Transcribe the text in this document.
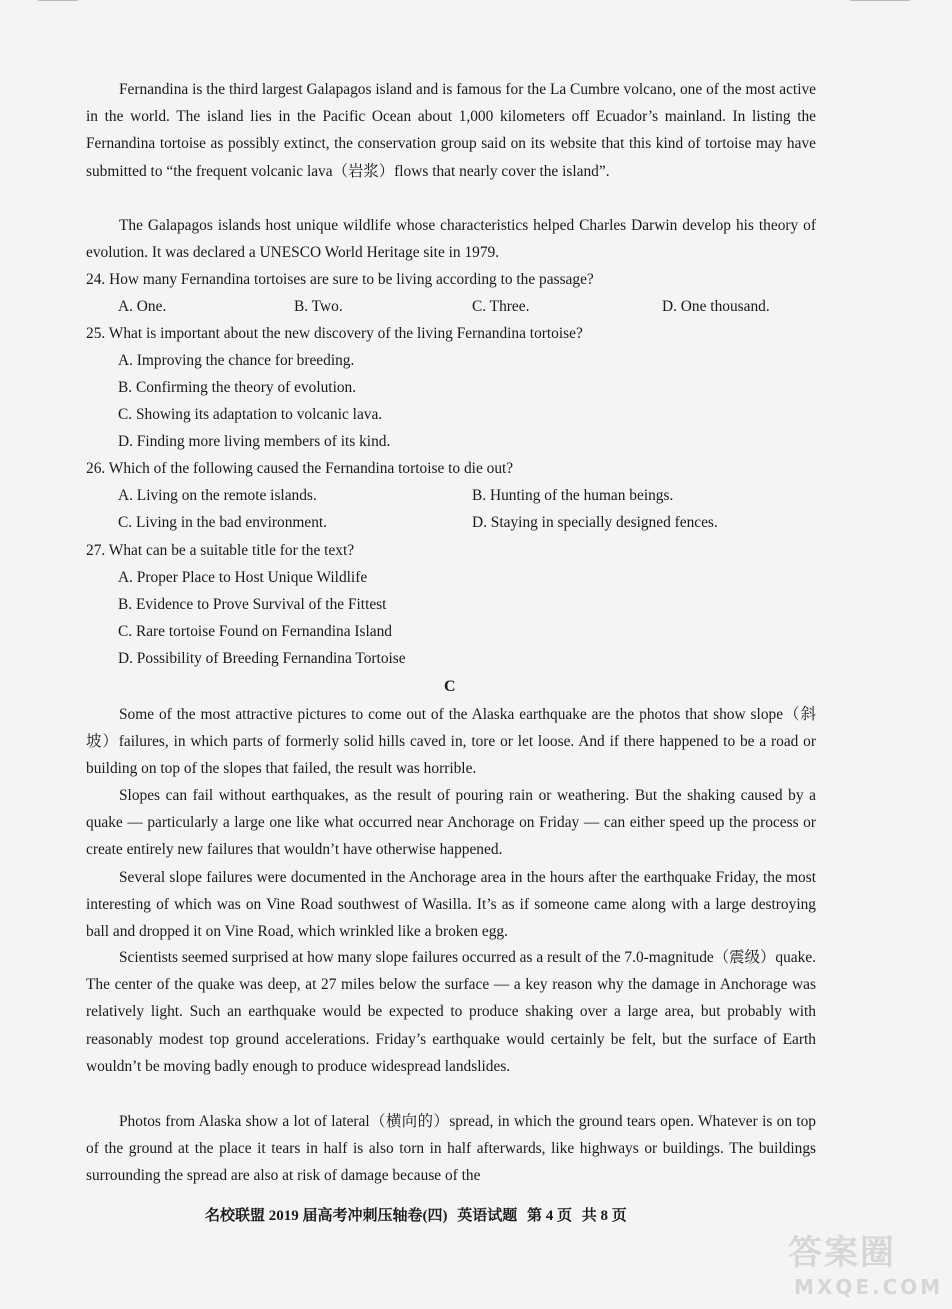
Fernandina is the third largest Galapagos island and is famous for the La Cumbre volcano, one of the most active in the world. The island lies in the Pacific Ocean about 1,000 kilometers off Ecuador’s mainland. In listing the Fernandina tortoise as possibly extinct, the conservation group said on its website that this kind of tortoise may have submitted to “the frequent volcanic lava（岩浆）flows that nearly cover the island”.

The Galapagos islands host unique wildlife whose characteristics helped Charles Darwin develop his theory of evolution. It was declared a UNESCO World Heritage site in 1979.

24. How many Fernandina tortoises are sure to be living according to the passage?
A. One.	B. Two.	C. Three.	D. One thousand.
25. What is important about the new discovery of the living Fernandina tortoise?
A. Improving the chance for breeding.
B. Confirming the theory of evolution.
C. Showing its adaptation to volcanic lava.
D. Finding more living members of its kind.
26. Which of the following caused the Fernandina tortoise to die out?
A. Living on the remote islands.	B. Hunting of the human beings.
C. Living in the bad environment.	D. Staying in specially designed fences.
27. What can be a suitable title for the text?
A. Proper Place to Host Unique Wildlife
B. Evidence to Prove Survival of the Fittest
C. Rare tortoise Found on Fernandina Island
D. Possibility of Breeding Fernandina Tortoise
C

Some of the most attractive pictures to come out of the Alaska earthquake are the photos that show slope（斜坡）failures, in which parts of formerly solid hills caved in, tore or let loose. And if there happened to be a road or building on top of the slopes that failed, the result was horrible.

Slopes can fail without earthquakes, as the result of pouring rain or weathering. But the shaking caused by a quake — particularly a large one like what occurred near Anchorage on Friday — can either speed up the process or create entirely new failures that wouldn’t have otherwise happened.

Several slope failures were documented in the Anchorage area in the hours after the earthquake Friday, the most interesting of which was on Vine Road southwest of Wasilla. It’s as if someone came along with a large destroying ball and dropped it on Vine Road, which wrinkled like a broken egg.

Scientists seemed surprised at how many slope failures occurred as a result of the 7.0-magnitude（震级）quake. The center of the quake was deep, at 27 miles below the surface — a key reason why the damage in Anchorage was relatively light. Such an earthquake would be expected to produce shaking over a large area, but probably with reasonably modest top ground accelerations. Friday’s earthquake would certainly be felt, but the surface of Earth wouldn’t be moving badly enough to produce widespread landslides.

Photos from Alaska show a lot of lateral（横向的）spread, in which the ground tears open. Whatever is on top of the ground at the place it tears in half is also torn in half afterwards, like highways or buildings. The buildings surrounding the spread are also at risk of damage because of the

名校联盟 2019 届高考冲刺压轴卷(四) 英语试题 第 4 页 共 8 页
答案圈
MXQE.COM
